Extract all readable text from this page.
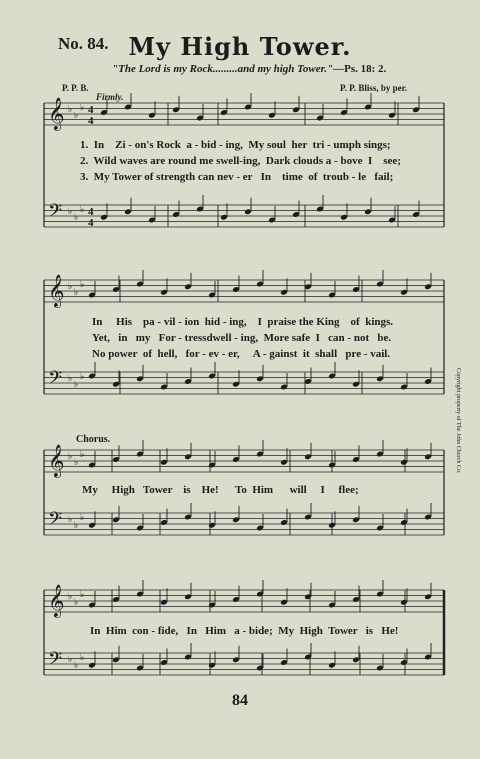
No. 84. My High Tower.
"The Lord is my Rock.........and my high Tower."—Ps. 18: 2.
P. P. B.	P. P. Bliss, by per.
Firmly.
Chorus.
1.  In    Zi - on's Rock  a - bid - ing,  My soul  her  tri - umph sings;
2.  Wild waves are round me swell-ing,  Dark clouds a - bove  I    see;
3.  My Tower of strength can nev - er   In    time  of  troub - le   fail;
In     His    pa - vil - ion  hid - ing,    I  praise the King    of  kings.
Yet,   in   my   For - tressdwell - ing,  More safe  I   can - not   be.
No power  of  hell,   for - ev - er,     A - gainst  it  shall   pre - vail.
My     High   Tower    is    He!      To  Him      will     I     flee;
In  Him  con - fide,   In   Him   a - bide;  My  High  Tower   is   He!
Copyright property of The John Church Co.
84
𝄞 ♭
♭
♭ 4
4
𝄢 ♭
♭
♭ 4
4
𝄞 ♭
♭
♭
𝄢 ♭
♭
♭
𝄞 ♭
♭
♭
𝄢 ♭
♭
♭
𝄞 ♭
♭
♭
𝄢 ♭
♭
♭
